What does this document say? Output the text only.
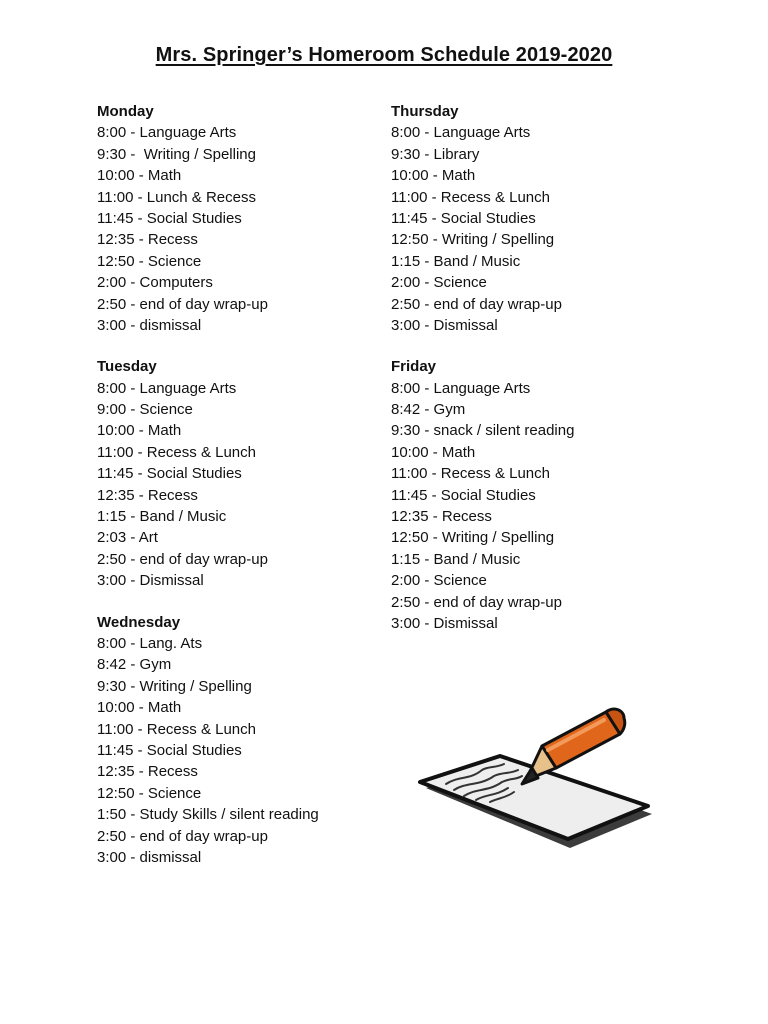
Mrs. Springer’s Homeroom Schedule 2019-2020
Monday
8:00 - Language Arts
9:30 -  Writing / Spelling
10:00 - Math
11:00 - Lunch & Recess
11:45 - Social Studies
12:35 - Recess
12:50 - Science
2:00 - Computers
2:50 - end of day wrap-up
3:00 - dismissal
Tuesday
8:00 - Language Arts
9:00 - Science
10:00 - Math
11:00 - Recess & Lunch
11:45 - Social Studies
12:35 - Recess
1:15 - Band / Music
2:03 - Art
2:50 - end of day wrap-up
3:00 - Dismissal
Wednesday
8:00 - Lang. Ats
8:42 - Gym
9:30 - Writing / Spelling
10:00 - Math
11:00 - Recess & Lunch
11:45 - Social Studies
12:35 - Recess
12:50 - Science
1:50 - Study Skills / silent reading
2:50 - end of day wrap-up
3:00 - dismissal
Thursday
8:00 - Language Arts
9:30 - Library
10:00 - Math
11:00 - Recess & Lunch
11:45 - Social Studies
12:50 - Writing / Spelling
1:15 - Band / Music
2:00 - Science
2:50 - end of day wrap-up
3:00 - Dismissal
Friday
8:00 - Language Arts
8:42 - Gym
9:30 - snack / silent reading
10:00 - Math
11:00 - Recess & Lunch
11:45 - Social Studies
12:35 - Recess
12:50 - Writing / Spelling
1:15 - Band / Music
2:00 - Science
2:50 - end of day wrap-up
3:00 - Dismissal
